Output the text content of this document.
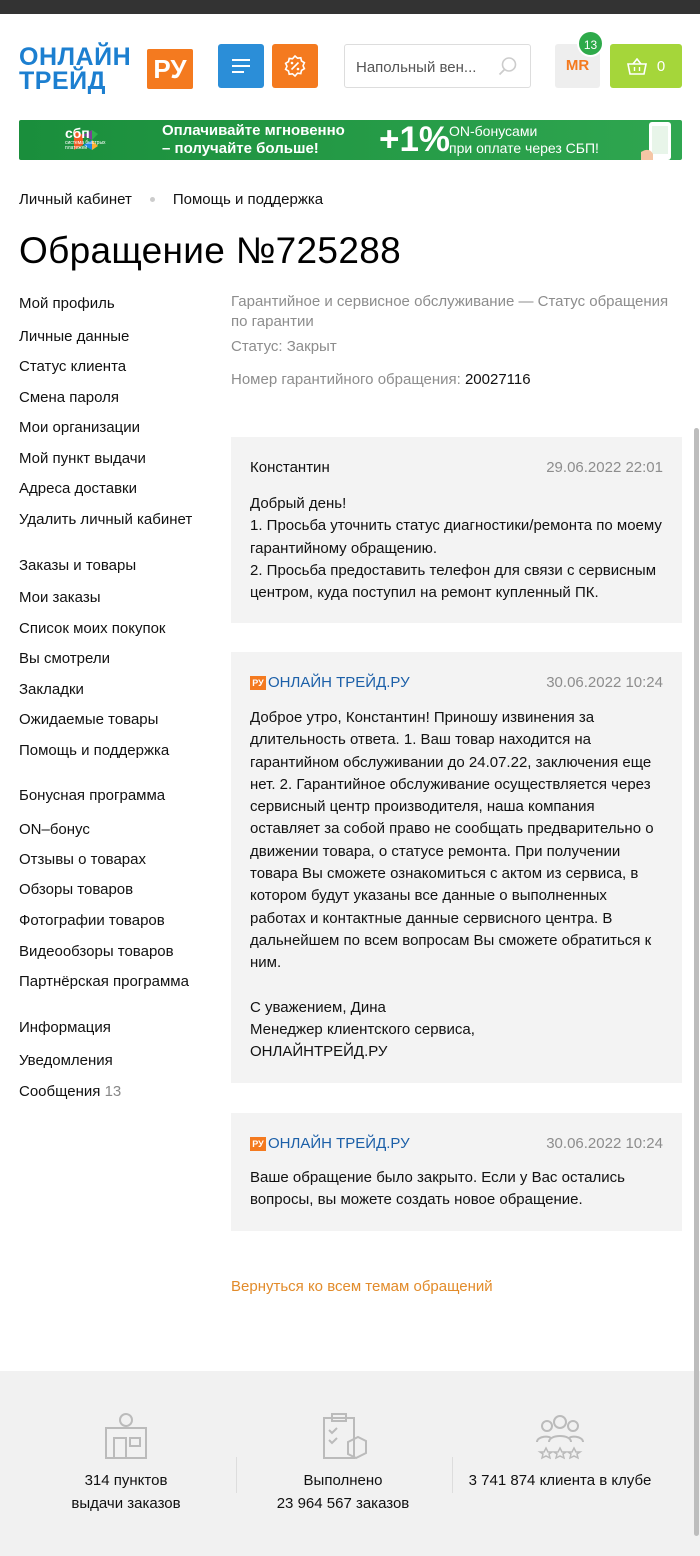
ОНЛАЙН
ТРЕЙД	РУ
Напольный вен...	MR
13
0
сбп
система быстрых платежей
Оплачивайте мгновенно
– получайте больше!	+1%
ON-бонусами
при оплате через СБП!
Личный кабинет	Помощь и поддержка
Обращение №725288
Мой профиль
Личные данные
Статус клиента
Смена пароля
Мои организации
Мой пункт выдачи
Адреса доставки
Удалить личный кабинет
Заказы и товары
Мои заказы
Список моих покупок
Вы смотрели
Закладки
Ожидаемые товары
Помощь и поддержка
Бонусная программа
ON–бонус
Отзывы о товарах
Обзоры товаров
Фотографии товаров
Видеообзоры товаров
Партнёрская программа
Информация
Уведомления
Сообщения 13
Гарантийное и сервисное обслуживание — Статус обращения по гарантии
Статус: Закрыт
Номер гарантийного обращения: 20027116
Константин	29.06.2022 22:01
Добрый день!
1. Просьба уточнить статус диагностики/ремонта по моему гарантийному обращению.
2. Просьба предоставить телефон для связи с сервисным центром, куда поступил на ремонт купленный ПК.
РУ ОНЛАЙН ТРЕЙД.РУ	30.06.2022 10:24
Доброе утро, Константин! Приношу извинения за длительность ответа. 1. Ваш товар находится на гарантийном обслуживании до 24.07.22, заключения еще нет. 2. Гарантийное обслуживание осуществляется через сервисный центр производителя, наша компания оставляет за собой право не сообщать предварительно о движении товара, о статусе ремонта. При получении товара Вы сможете ознакомиться с актом из сервиса, в котором будут указаны все данные о выполненных работах и контактные данные сервисного центра. В дальнейшем по всем вопросам Вы сможете обратиться к ним.

С уважением, Дина
Менеджер клиентского сервиса,
ОНЛАЙНТРЕЙД.РУ
РУ ОНЛАЙН ТРЕЙД.РУ	30.06.2022 10:24
Ваше обращение было закрыто. Если у Вас остались вопросы, вы можете создать новое обращение.
Вернуться ко всем темам обращений
314 пунктов
выдачи заказов
Выполнено
23 964 567 заказов
3 741 874 клиента в клубе
